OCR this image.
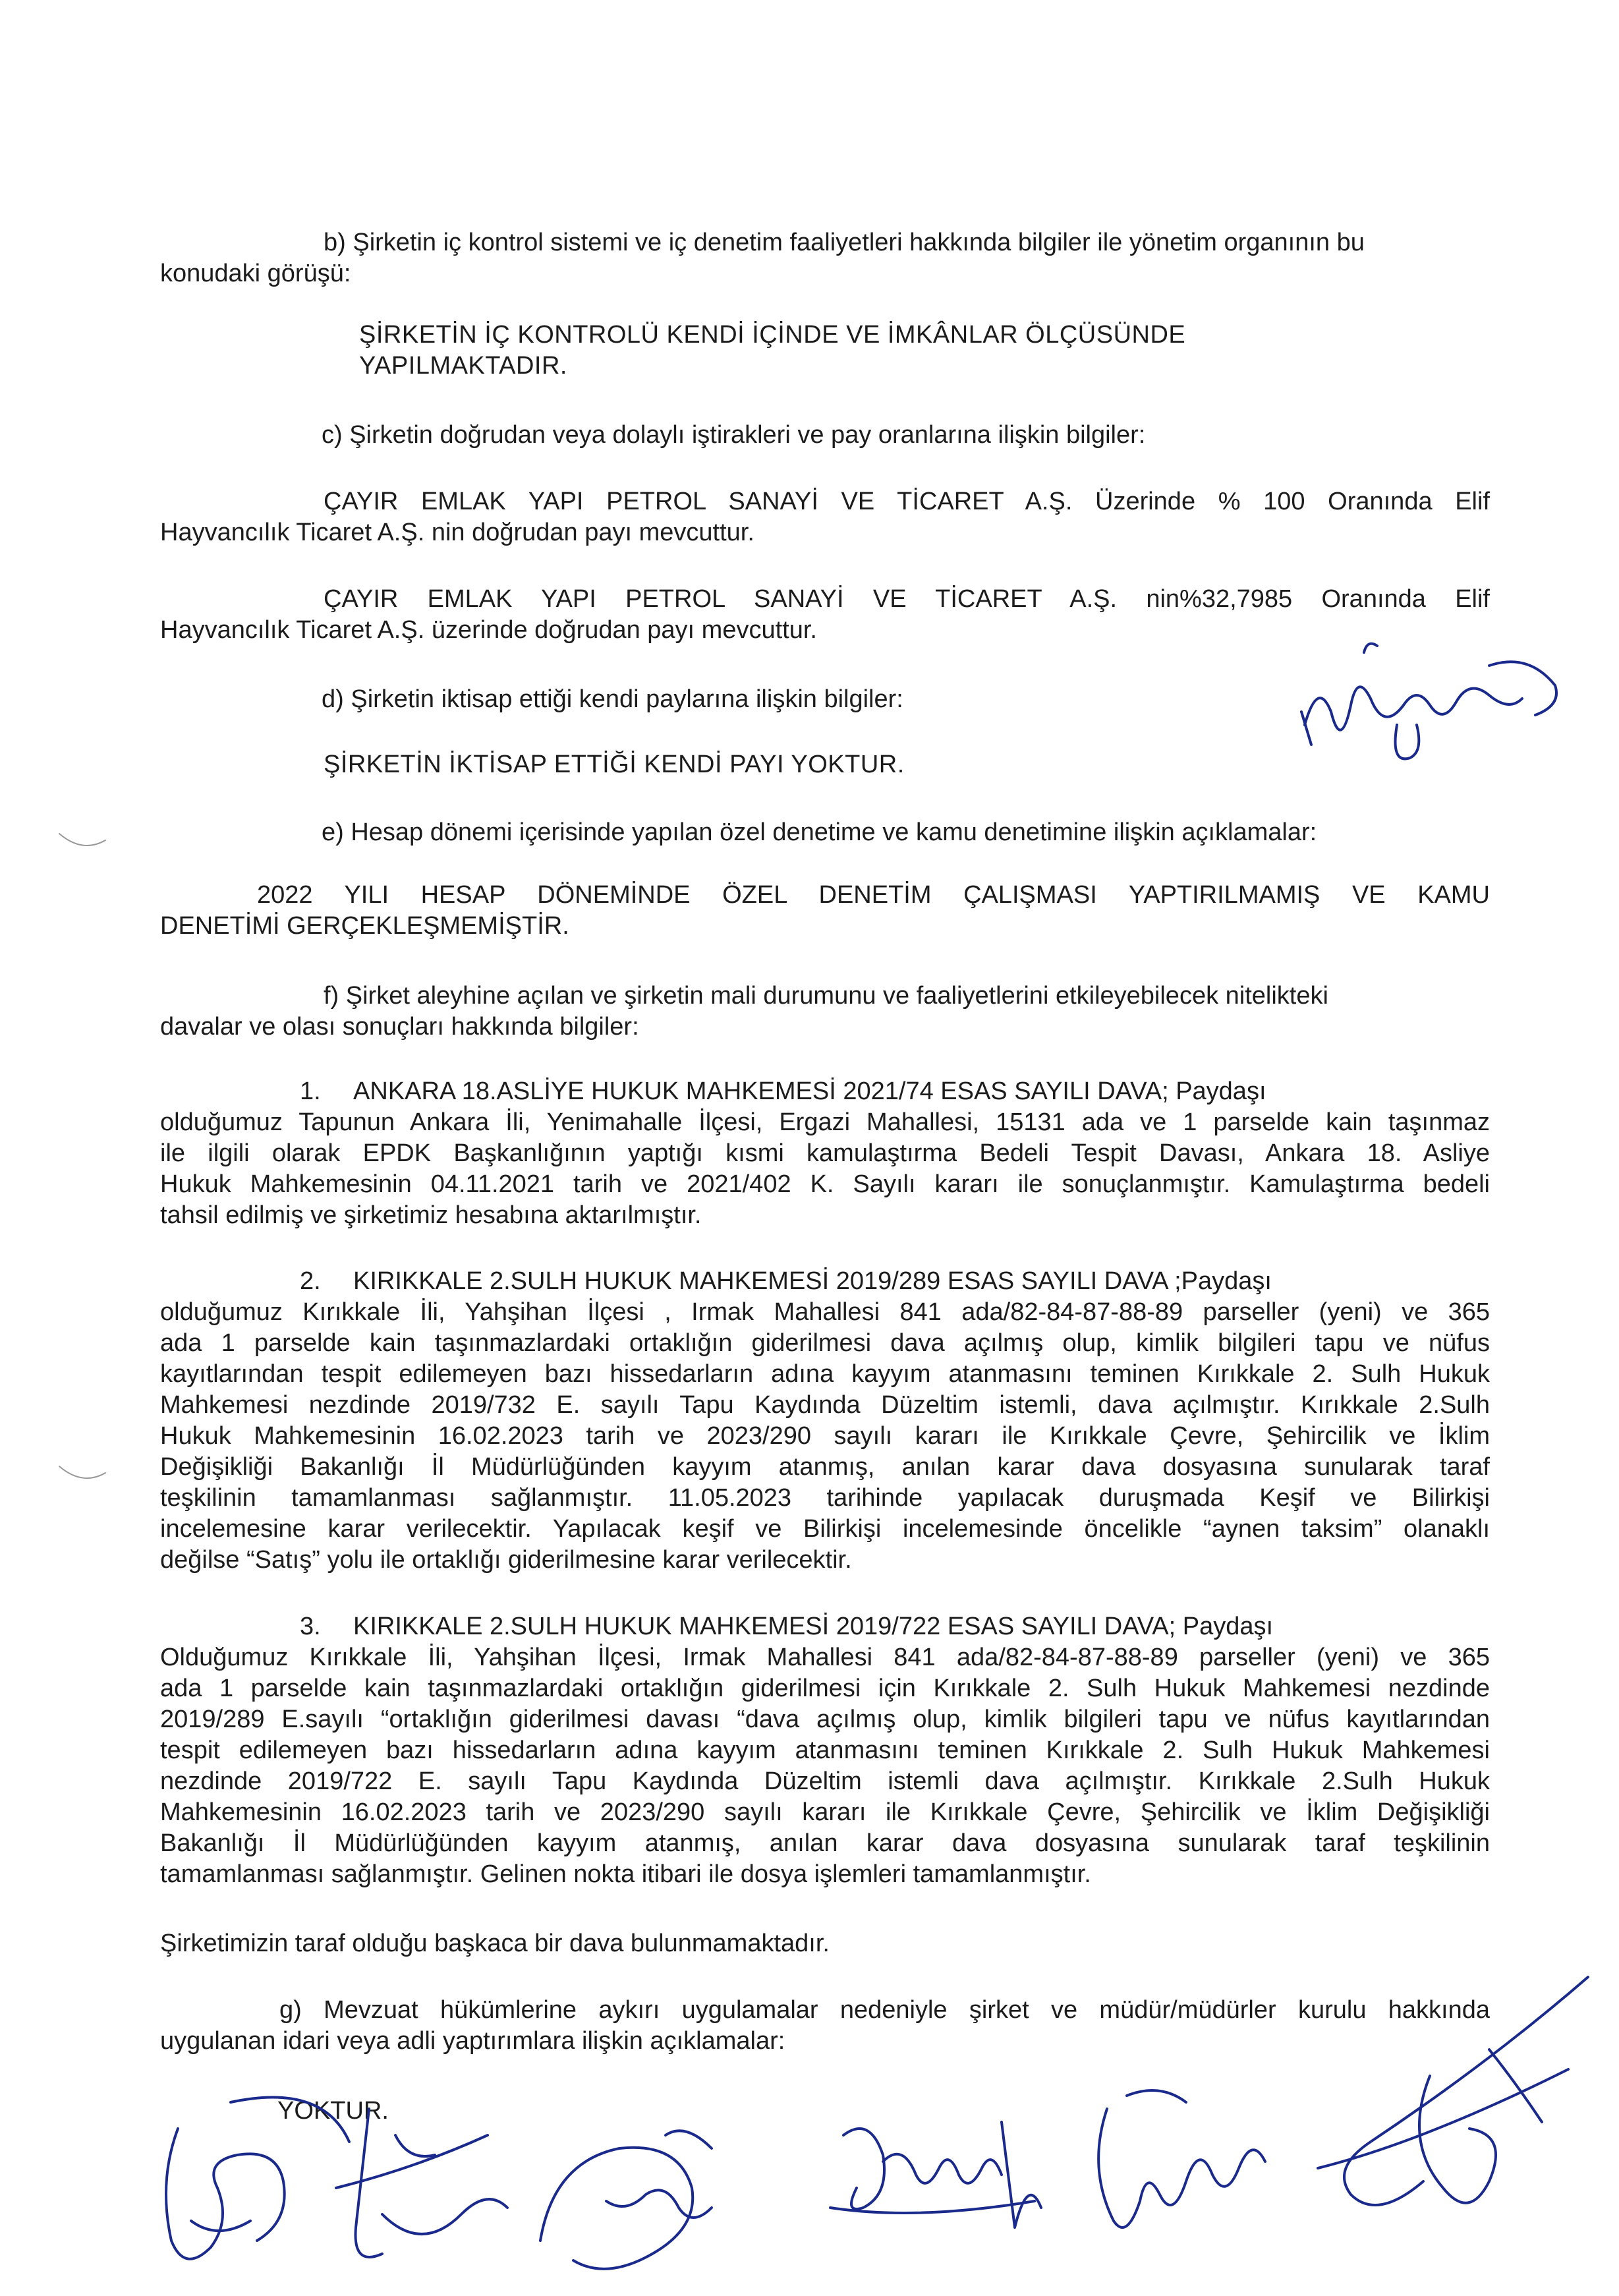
b) Şirketin iç kontrol sistemi ve iç denetim faaliyetleri hakkında bilgiler ile yönetim organının bu

konudaki görüşü:

ŞİRKETİN İÇ KONTROLÜ KENDİ İÇİNDE VE İMKÂNLAR ÖLÇÜSÜNDE

YAPILMAKTADIR.

c) Şirketin doğrudan veya dolaylı iştirakleri ve pay oranlarına ilişkin bilgiler:

ÇAYIR EMLAK YAPI PETROL SANAYİ VE TİCARET A.Ş. Üzerinde % 100 Oranında Elif

Hayvancılık Ticaret A.Ş. nin doğrudan payı mevcuttur.

ÇAYIR EMLAK YAPI PETROL SANAYİ VE TİCARET A.Ş. nin%32,7985 Oranında Elif

Hayvancılık Ticaret A.Ş. üzerinde doğrudan payı mevcuttur.

d) Şirketin iktisap ettiği kendi paylarına ilişkin bilgiler:

ŞİRKETİN İKTİSAP ETTİĞİ KENDİ PAYI YOKTUR.

e) Hesap dönemi içerisinde yapılan özel denetime ve kamu denetimine ilişkin açıklamalar:

2022 YILI HESAP DÖNEMİNDE ÖZEL DENETİM ÇALIŞMASI YAPTIRILMAMIŞ VE KAMU

DENETİMİ GERÇEKLEŞMEMİŞTİR.

f) Şirket aleyhine açılan ve şirketin mali durumunu ve faaliyetlerini etkileyebilecek nitelikteki

davalar ve olası sonuçları hakkında bilgiler:

1. ANKARA 18.ASLİYE HUKUK MAHKEMESİ 2021/74 ESAS SAYILI DAVA; Paydaşı

olduğumuz Tapunun Ankara İli, Yenimahalle İlçesi, Ergazi Mahallesi, 15131 ada ve 1 parselde kain taşınmaz

ile ilgili olarak EPDK Başkanlığının yaptığı kısmi kamulaştırma Bedeli Tespit Davası, Ankara 18. Asliye

Hukuk Mahkemesinin 04.11.2021 tarih ve 2021/402 K. Sayılı kararı ile sonuçlanmıştır. Kamulaştırma bedeli

tahsil edilmiş ve şirketimiz hesabına aktarılmıştır.

2. KIRIKKALE 2.SULH HUKUK MAHKEMESİ 2019/289 ESAS SAYILI DAVA ;Paydaşı

olduğumuz Kırıkkale İli, Yahşihan İlçesi , Irmak Mahallesi 841 ada/82-84-87-88-89 parseller (yeni) ve 365

ada 1 parselde kain taşınmazlardaki ortaklığın giderilmesi dava açılmış olup, kimlik bilgileri tapu ve nüfus

kayıtlarından tespit edilemeyen bazı hissedarların adına kayyım atanmasını teminen Kırıkkale 2. Sulh Hukuk

Mahkemesi nezdinde 2019/732 E. sayılı Tapu Kaydında Düzeltim istemli, dava açılmıştır. Kırıkkale 2.Sulh

Hukuk Mahkemesinin 16.02.2023 tarih ve 2023/290 sayılı kararı ile Kırıkkale Çevre, Şehircilik ve İklim

Değişikliği Bakanlığı İl Müdürlüğünden kayyım atanmış, anılan karar dava dosyasına sunularak taraf

teşkilinin tamamlanması sağlanmıştır. 11.05.2023 tarihinde yapılacak duruşmada Keşif ve Bilirkişi

incelemesine karar verilecektir. Yapılacak keşif ve Bilirkişi incelemesinde öncelikle “aynen taksim” olanaklı

değilse “Satış” yolu ile ortaklığı giderilmesine karar verilecektir.

3. KIRIKKALE 2.SULH HUKUK MAHKEMESİ 2019/722 ESAS SAYILI DAVA; Paydaşı

Olduğumuz Kırıkkale İli, Yahşihan İlçesi, Irmak Mahallesi 841 ada/82-84-87-88-89 parseller (yeni) ve 365

ada 1 parselde kain taşınmazlardaki ortaklığın giderilmesi için Kırıkkale 2. Sulh Hukuk Mahkemesi nezdinde

2019/289 E.sayılı “ortaklığın giderilmesi davası “dava açılmış olup, kimlik bilgileri tapu ve nüfus kayıtlarından

tespit edilemeyen bazı hissedarların adına kayyım atanmasını teminen Kırıkkale 2. Sulh Hukuk Mahkemesi

nezdinde 2019/722 E. sayılı Tapu Kaydında Düzeltim istemli dava açılmıştır. Kırıkkale 2.Sulh Hukuk

Mahkemesinin 16.02.2023 tarih ve 2023/290 sayılı kararı ile Kırıkkale Çevre, Şehircilik ve İklim Değişikliği

Bakanlığı İl Müdürlüğünden kayyım atanmış, anılan karar dava dosyasına sunularak taraf teşkilinin

tamamlanması sağlanmıştır. Gelinen nokta itibari ile dosya işlemleri tamamlanmıştır.

Şirketimizin taraf olduğu başkaca bir dava bulunmamaktadır.

g) Mevzuat hükümlerine aykırı uygulamalar nedeniyle şirket ve müdür/müdürler kurulu hakkında

uygulanan idari veya adli yaptırımlara ilişkin açıklamalar:

YOKTUR.
